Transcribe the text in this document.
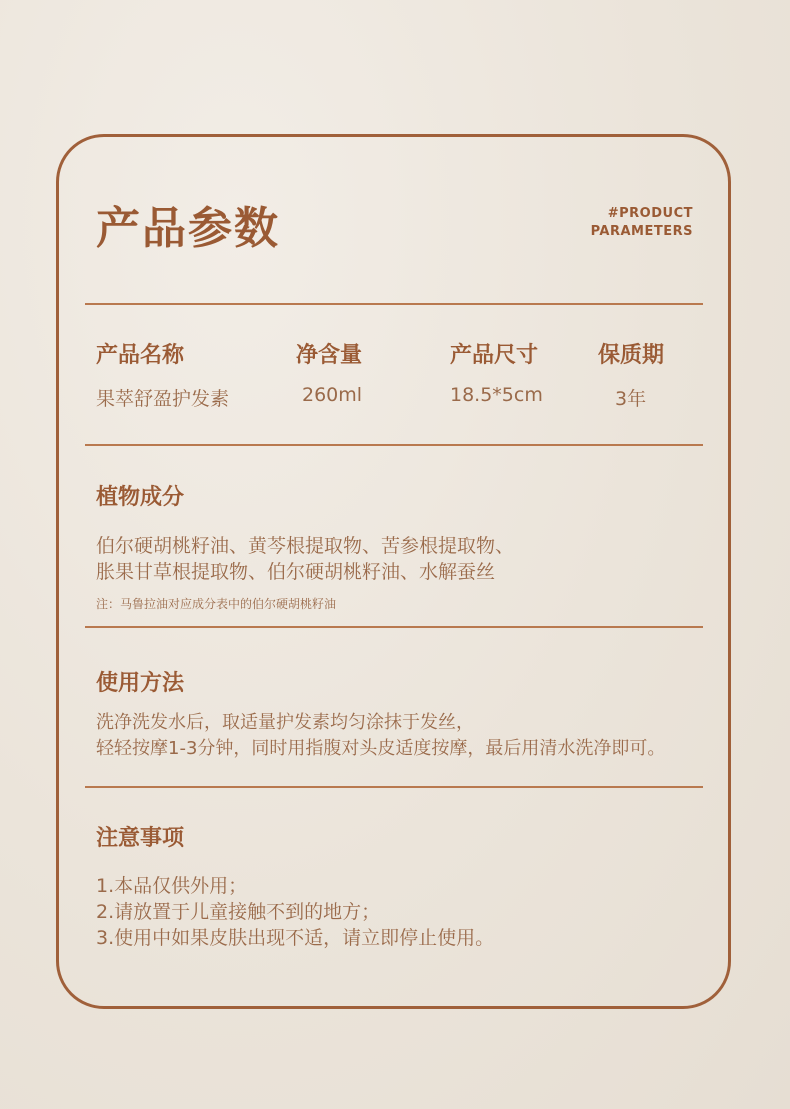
产品参数	#PRODUCT
PARAMETERS
产品名称	净含量	产品尺寸	保质期
果萃舒盈护发素	260ml	18.5*5cm	3年
植物成分
伯尔硬胡桃籽油、黄芩根提取物、苦参根提取物、
胀果甘草根提取物、伯尔硬胡桃籽油、水解蚕丝
注：马鲁拉油对应成分表中的伯尔硬胡桃籽油
使用方法
洗净洗发水后，取适量护发素均匀涂抹于发丝，
轻轻按摩1-3分钟，同时用指腹对头皮适度按摩，最后用清水洗净即可。
注意事项
1.本品仅供外用；
2.请放置于儿童接触不到的地方；
3.使用中如果皮肤出现不适，请立即停止使用。
